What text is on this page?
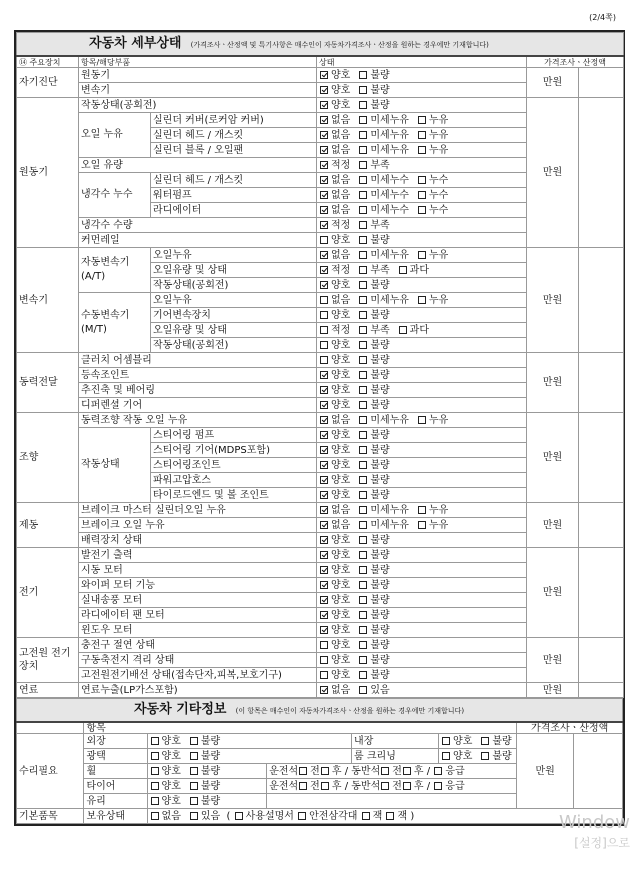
(2/4쪽)
자동차 세부상태 (가격조사ㆍ산정액 및 특기사항은 매수인이 자동차가격조사ㆍ산정을 원하는 경우에만 기재합니다)					
⑭ 주요장치	항목/해당부품		상태	가격조사ㆍ산정액	
자기진단	원동기		양호 불량	만원	
	변속기		양호 불량		
원동기	작동상태(공회전)		양호 불량	만원	
	오일 누유	실린더 커버(로커암 커버)	없음 미세누유 누유		
		실린더 헤드 / 개스킷	없음 미세누유 누유		
		실린더 블록 / 오일팬	없음 미세누유 누유		
	오일 유량		적정 부족		
	냉각수 누수	실린더 헤드 / 개스킷	없음 미세누수 누수		
		워터펌프	없음 미세누수 누수		
		라디에이터	없음 미세누수 누수		
	냉각수 수량		적정 부족		
	커먼레일		양호 불량		
변속기	자동변속기 (A/T)	오일누유	없음 미세누유 누유	만원	
		오일유량 및 상태	적정 부족 과다		
		작동상태(공회전)	양호 불량		
	수동변속기 (M/T)	오일누유	없음 미세누유 누유		
		기어변속장치	양호 불량		
		오일유량 및 상태	적정 부족 과다		
		작동상태(공회전)	양호 불량		
동력전달	클러치 어셈블리		양호 불량	만원	
	등속조인트		양호 불량		
	추진축 및 베어링		양호 불량		
	디퍼렌셜 기어		양호 불량		
조향	동력조향 작동 오일 누유		없음 미세누유 누유	만원	
	작동상태	스티어링 펌프	양호 불량		
		스티어링 기어(MDPS포함)	양호 불량		
		스티어링조인트	양호 불량		
		파워고압호스	양호 불량		
		타이로드엔드 및 볼 조인트	양호 불량		
제동	브레이크 마스터 실린더오일 누유		없음 미세누유 누유	만원	
	브레이크 오일 누유		없음 미세누유 누유		
	배력장치 상태		양호 불량		
전기	발전기 출력		양호 불량	만원	
	시동 모터		양호 불량		
	와이퍼 모터 기능		양호 불량		
	실내송풍 모터		양호 불량		
	라디에이터 팬 모터		양호 불량		
	윈도우 모터		양호 불량		
고전원 전기장치	충전구 절연 상태		양호 불량	만원	
	구동축전지 격리 상태		양호 불량		
	고전원전기배선 상태(접속단자,피복,보호기구)		양호 불량		
연료	연료누출(LP가스포함)		없음 있음	만원	
자동차 기타정보 (이 항목은 매수인이 자동차가격조사ㆍ산정을 원하는 경우에만 기재합니다)							
	항목					가격조사ㆍ산정액	
수리필요	외장	양호 불량		내장	양호 불량	만원	
	광택	양호 불량		룸 크리닝	양호 불량		
	휠	양호 불량	운전석 전 후 / 동반석 전 후 / 응급				
	타이어	양호 불량	운전석 전 후 / 동반석 전 후 / 응급				
	유리	양호 불량					
기본품목	보유상태	없음 있음  ( 사용설명서 안전삼각대 잭 잭 )						Window
[설정]으로
